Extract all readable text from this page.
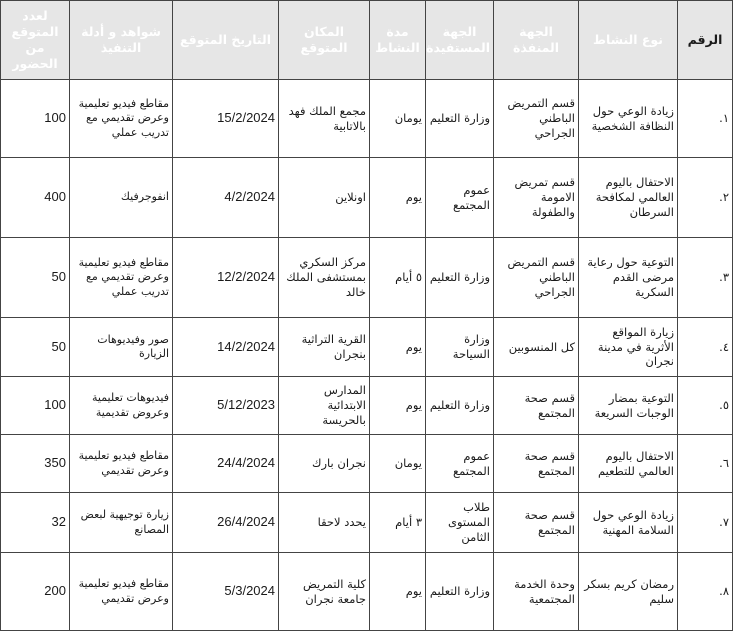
الرقم	نوع النشاط	الجهة المنفذة	الجهة المستفيدة	مدة النشاط	المكان المتوقع	التاريخ المتوقع	شواهد و أدلة التنفيذ	لعدد المتوقع من الحضور
١.	زيادة الوعي حول النظافة الشخصية	قسم التمريض الباطني الجراحي	وزارة التعليم	يومان	مجمع الملك فهد بالاتابية	15/2/2024	مقاطع فيديو تعليمية وعرض تقديمي مع تدريب عملي	100
٢.	الاحتفال باليوم العالمي لمكافحة السرطان	قسم تمريض الامومة والطفولة	عموم المجتمع	يوم	اونلاين	4/2/2024	انفوجرفيك	400
٣.	التوعية حول رعاية مرضى القدم السكرية	قسم التمريض الباطني الجراحي	وزارة التعليم	٥ أيام	مركز السكري بمستشفى الملك خالد	12/2/2024	مقاطع فيديو تعليمية وعرض تقديمي مع تدريب عملي	50
٤.	زيارة المواقع الأثرية في مدينة نجران	كل المنسوبين	وزارة السياحة	يوم	القرية التراثية بنجران	14/2/2024	صور وفيديوهات الزيارة	50
٥.	التوعية بمضار الوجبات السريعة	قسم صحة المجتمع	وزارة التعليم	يوم	المدارس الابتدائية بالحريسة	5/12/2023	فيديوهات تعليمية وعروض تقديمية	100
٦.	الاحتفال باليوم العالمي للتطعيم	قسم صحة المجتمع	عموم المجتمع	يومان	نجران بارك	24/4/2024	مقاطع فيديو تعليمية وعرض تقديمي	350
٧.	زيادة الوعي حول السلامة المهنية	قسم صحة المجتمع	طلاب المستوى الثامن	٣ أيام	يحدد لاحقا	26/4/2024	زيارة توجيهية لبعض المصانع	32
٨.	رمضان كريم بسكر سليم	وحدة الخدمة المجتمعية	وزارة التعليم	يوم	كلية التمريض جامعة نجران	5/3/2024	مقاطع فيديو تعليمية وعرض تقديمي	200
